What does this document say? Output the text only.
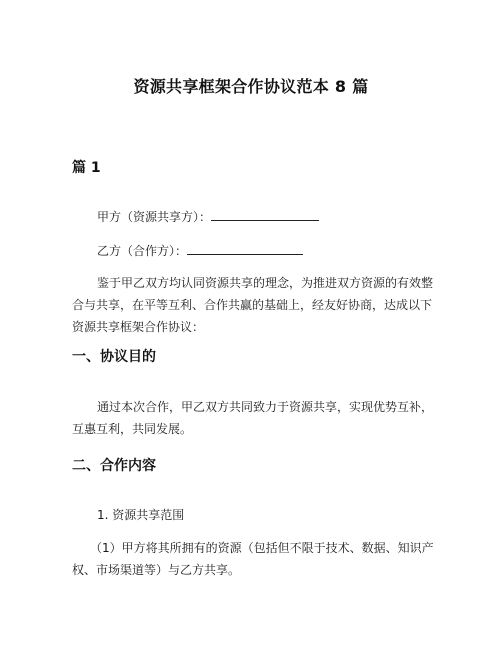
资源共享框架合作协议范本 8 篇
篇 1
甲方（资源共享方）：
乙方（合作方）：
鉴于甲乙双方均认同资源共享的理念，为推进双方资源的有效整合与共享，在平等互利、合作共赢的基础上，经友好协商，达成以下资源共享框架合作协议：
一、协议目的
通过本次合作，甲乙双方共同致力于资源共享，实现优势互补，互惠互利，共同发展。
二、合作内容
1. 资源共享范围
（1）甲方将其所拥有的资源（包括但不限于技术、数据、知识产权、市场渠道等）与乙方共享。
